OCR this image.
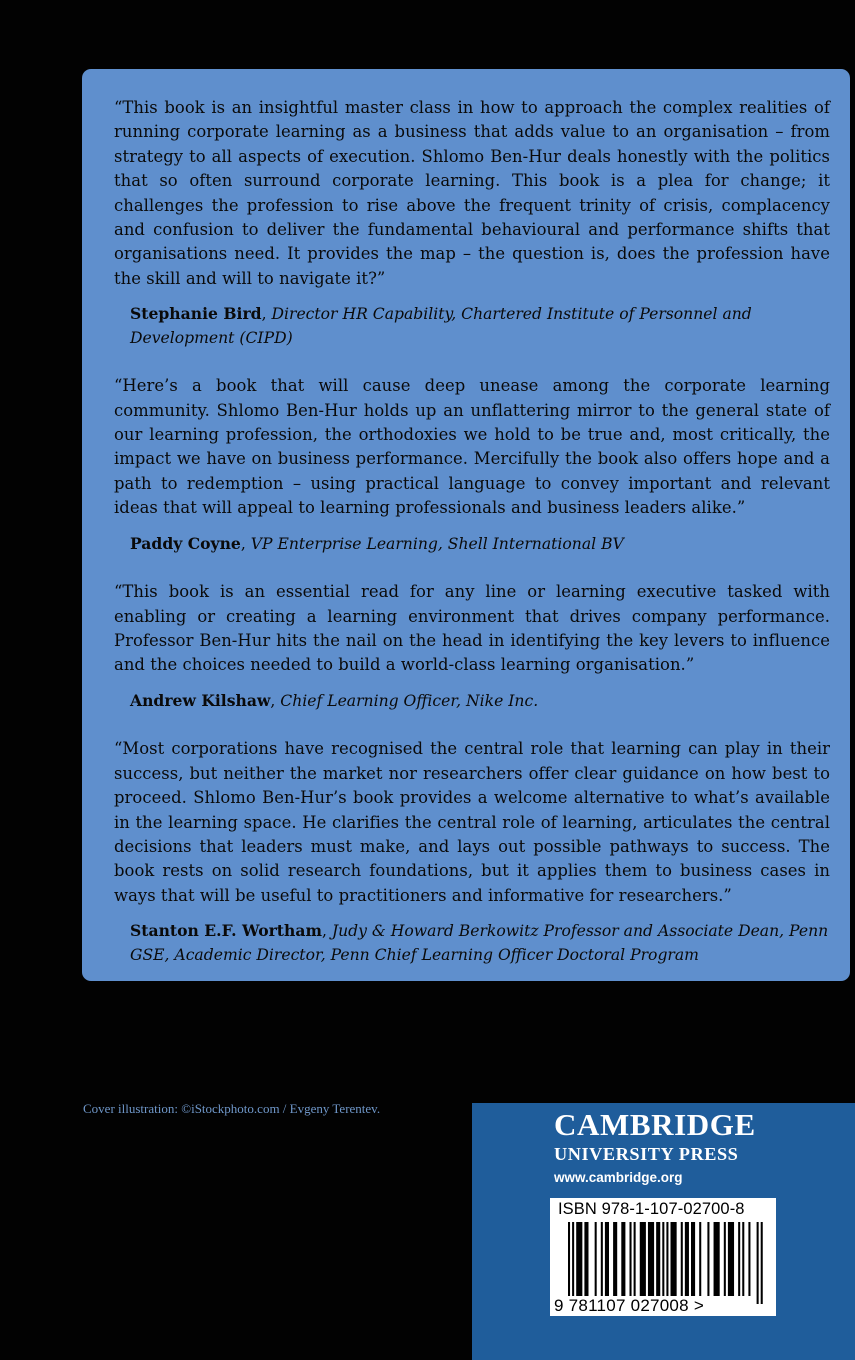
“This book is an insightful master class in how to approach the complex realities of running corporate learning as a business that adds value to an organisation – from strategy to all aspects of execution. Shlomo Ben-Hur deals honestly with the politics that so often surround corporate learning. This book is a plea for change; it challenges the profession to rise above the frequent trinity of crisis, complacency and confusion to deliver the fundamental behavioural and performance shifts that organisations need. It provides the map – the question is, does the profession have the skill and will to navigate it?”

Stephanie Bird, Director HR Capability, Chartered Institute of Personnel and Development (CIPD)

“Here’s a book that will cause deep unease among the corporate learning community. Shlomo Ben-Hur holds up an unflattering mirror to the general state of our learning profession, the orthodoxies we hold to be true and, most critically, the impact we have on business performance. Mercifully the book also offers hope and a path to redemption – using practical language to convey important and relevant ideas that will appeal to learning professionals and business leaders alike.”

Paddy Coyne, VP Enterprise Learning, Shell International BV

“This book is an essential read for any line or learning executive tasked with enabling or creating a learning environment that drives company performance. Professor Ben-Hur hits the nail on the head in identifying the key levers to influence and the choices needed to build a world-class learning organisation.”

Andrew Kilshaw, Chief Learning Officer, Nike Inc.

“Most corporations have recognised the central role that learning can play in their success, but neither the market nor researchers offer clear guidance on how best to proceed. Shlomo Ben-Hur’s book provides a welcome alternative to what’s available in the learning space. He clarifies the central role of learning, articulates the central decisions that leaders must make, and lays out possible pathways to success. The book rests on solid research foundations, but it applies them to business cases in ways that will be useful to practitioners and informative for researchers.”

Stanton E.F. Wortham, Judy & Howard Berkowitz Professor and Associate Dean, Penn GSE, Academic Director, Penn Chief Learning Officer Doctoral Program

Cover illustration: ©iStockphoto.com / Evgeny Terentev.	CAMBRIDGE
UNIVERSITY PRESS
www.cambridge.org
ISBN 978-1-107-02700-8
9 781107 027008 >
